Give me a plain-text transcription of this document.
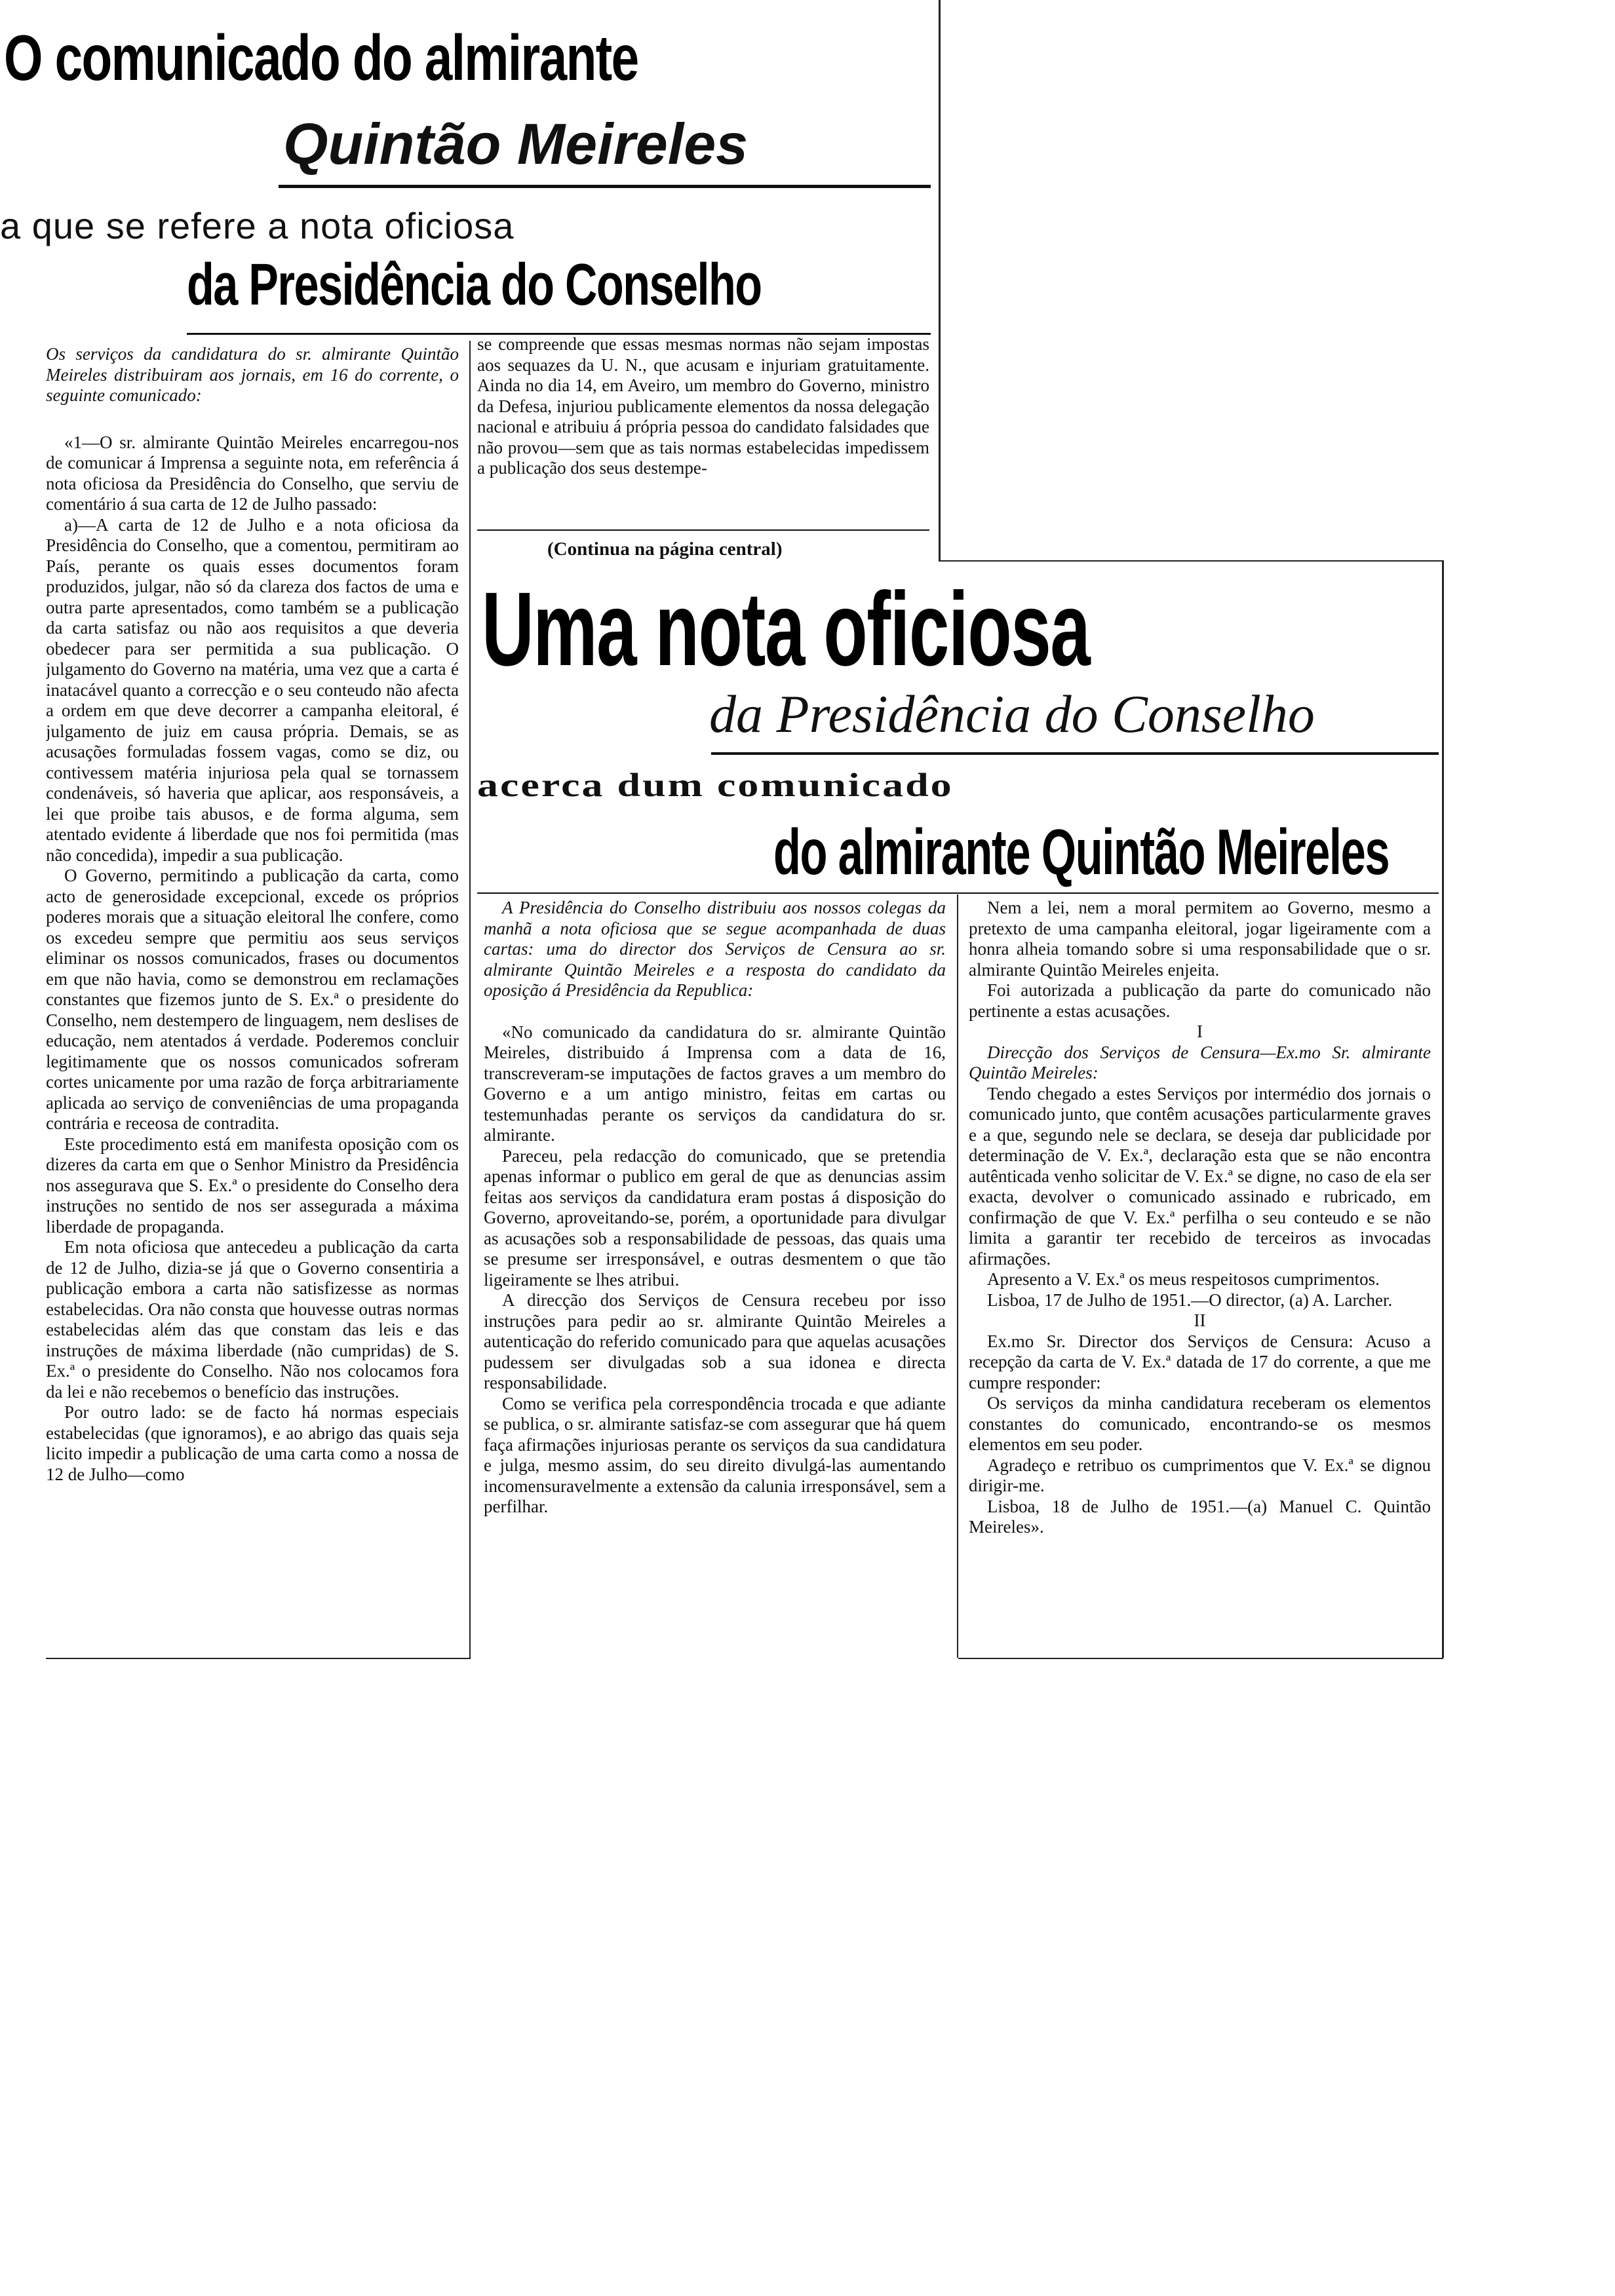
O comunicado do almirante
Quintão Meireles
a que se refere a nota oficiosa
da Presidência do Conselho

Os serviços da candidatura do sr. almirante Quintão Meireles distribuiram aos jornais, em 16 do corrente, o seguinte comunicado:

«1—O sr. almirante Quintão Meireles encarregou-nos de comunicar á Imprensa a seguinte nota, em referência á nota oficiosa da Presidência do Conselho, que serviu de comentário á sua carta de 12 de Julho passado:

a)—A carta de 12 de Julho e a nota oficiosa da Presidência do Conselho, que a comentou, permitiram ao País, perante os quais esses documentos foram produzidos, julgar, não só da clareza dos factos de uma e outra parte apresentados, como também se a publicação da carta satisfaz ou não aos requisitos a que deveria obedecer para ser permitida a sua publicação. O julgamento do Governo na matéria, uma vez que a carta é inatacável quanto a correcção e o seu conteudo não afecta a ordem em que deve decorrer a campanha eleitoral, é julgamento de juiz em causa própria. Demais, se as acusações formuladas fossem vagas, como se diz, ou contivessem matéria injuriosa pela qual se tornassem condenáveis, só haveria que aplicar, aos responsáveis, a lei que proibe tais abusos, e de forma alguma, sem atentado evidente á liberdade que nos foi permitida (mas não concedida), impedir a sua publicação.

O Governo, permitindo a publicação da carta, como acto de generosidade excepcional, excede os próprios poderes morais que a situação eleitoral lhe confere, como os excedeu sempre que permitiu aos seus serviços eliminar os nossos comunicados, frases ou documentos em que não havia, como se demonstrou em reclamações constantes que fizemos junto de S. Ex.ª o presidente do Conselho, nem destempero de linguagem, nem deslises de educação, nem atentados á verdade. Poderemos concluir legitimamente que os nossos comunicados sofreram cortes unicamente por uma razão de força arbitrariamente aplicada ao serviço de conveniências de uma propaganda contrária e receosa de contradita.

Este procedimento está em manifesta oposição com os dizeres da carta em que o Senhor Ministro da Presidência nos assegurava que S. Ex.ª o presidente do Conselho dera instruções no sentido de nos ser assegurada a máxima liberdade de propaganda.

Em nota oficiosa que antecedeu a publicação da carta de 12 de Julho, dizia-se já que o Governo consentiria a publicação embora a carta não satisfizesse as normas estabelecidas. Ora não consta que houvesse outras normas estabelecidas além das que constam das leis e das instruções de máxima liberdade (não cumpridas) de S. Ex.ª o presidente do Conselho. Não nos colocamos fora da lei e não recebemos o benefício das instruções.

Por outro lado: se de facto há normas especiais estabelecidas (que ignoramos), e ao abrigo das quais seja licito impedir a publicação de uma carta como a nossa de 12 de Julho—como

se compreende que essas mesmas normas não sejam impostas aos sequazes da U. N., que acusam e injuriam gratuitamente. Ainda no dia 14, em Aveiro, um membro do Governo, ministro da Defesa, injuriou publicamente elementos da nossa delegação nacional e atribuiu á própria pessoa do candidato falsidades que não provou—sem que as tais normas estabelecidas impedissem a publicação dos seus destempe-

(Continua na página central)
Uma nota oficiosa
da Presidência do Conselho
acerca dum comunicado
do almirante Quintão Meireles

A Presidência do Conselho distribuiu aos nossos colegas da manhã a nota oficiosa que se segue acompanhada de duas cartas: uma do director dos Serviços de Censura ao sr. almirante Quintão Meireles e a resposta do candidato da oposição á Presidência da Republica:

«No comunicado da candidatura do sr. almirante Quintão Meireles, distribuido á Imprensa com a data de 16, transcreveram-se imputações de factos graves a um membro do Governo e a um antigo ministro, feitas em cartas ou testemunhadas perante os serviços da candidatura do sr. almirante.

Pareceu, pela redacção do comunicado, que se pretendia apenas informar o publico em geral de que as denuncias assim feitas aos serviços da candidatura eram postas á disposição do Governo, aproveitando-se, porém, a oportunidade para divulgar as acusações sob a responsabilidade de pessoas, das quais uma se presume ser irresponsável, e outras desmentem o que tão ligeiramente se lhes atribui.

A direcção dos Serviços de Censura recebeu por isso instruções para pedir ao sr. almirante Quintão Meireles a autenticação do referido comunicado para que aquelas acusações pudessem ser divulgadas sob a sua idonea e directa responsabilidade.

Como se verifica pela correspondência trocada e que adiante se publica, o sr. almirante satisfaz-se com assegurar que há quem faça afirmações injuriosas perante os serviços da sua candidatura e julga, mesmo assim, do seu direito divulgá-las aumentando incomensuravelmente a extensão da calunia irresponsável, sem a perfilhar.

Nem a lei, nem a moral permitem ao Governo, mesmo a pretexto de uma campanha eleitoral, jogar ligeiramente com a honra alheia tomando sobre si uma responsabilidade que o sr. almirante Quintão Meireles enjeita.

Foi autorizada a publicação da parte do comunicado não pertinente a estas acusações.

I

Direcção dos Serviços de Censura—Ex.mo Sr. almirante Quintão Meireles:

Tendo chegado a estes Serviços por intermédio dos jornais o comunicado junto, que contêm acusações particularmente graves e a que, segundo nele se declara, se deseja dar publicidade por determinação de V. Ex.ª, declaração esta que se não encontra autênticada venho solicitar de V. Ex.ª se digne, no caso de ela ser exacta, devolver o comunicado assinado e rubricado, em confirmação de que V. Ex.ª perfilha o seu conteudo e se não limita a garantir ter recebido de terceiros as invocadas afirmações.

Apresento a V. Ex.ª os meus respeitosos cumprimentos.

Lisboa, 17 de Julho de 1951.—O director, (a) A. Larcher.

II

Ex.mo Sr. Director dos Serviços de Censura: Acuso a recepção da carta de V. Ex.ª datada de 17 do corrente, a que me cumpre responder:

Os serviços da minha candidatura receberam os elementos constantes do comunicado, encontrando-se os mesmos elementos em seu poder.

Agradeço e retribuo os cumprimentos que V. Ex.ª se dignou dirigir-me.

Lisboa, 18 de Julho de 1951.—(a) Manuel C. Quintão Meireles».
